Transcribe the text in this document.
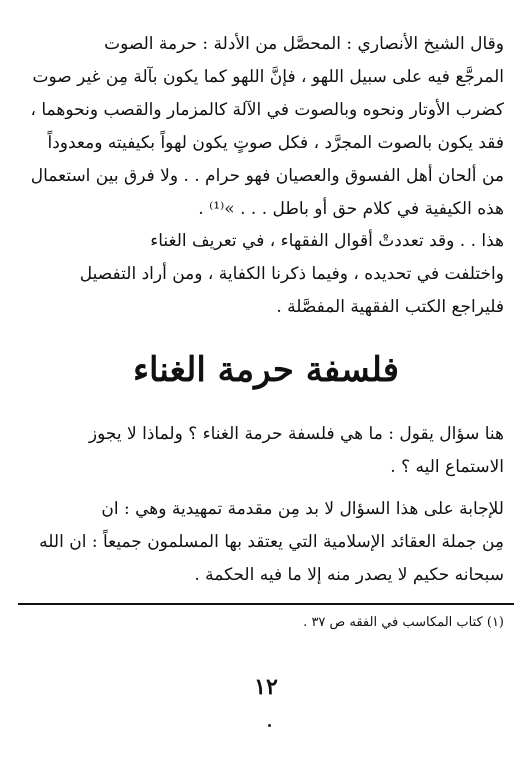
وقال الشيخ الأنصاري : المحصَّل من الأدلة : حرمة الصوت
المرجَّع فيه على سبيل اللهو ، فإنَّ اللهو كما يكون بآلة مِن غير صوت
كضرب الأوتار ونحوه وبالصوت في الآلة كالمزمار والقصب ونحوهما ،
فقد يكون بالصوت المجرَّد ، فكل صوتٍ يكون لهواً بكيفيته ومعدوداً
من ألحان أهل الفسوق والعصيان فهو حرام . . ولا فرق بين استعمال
هذه الكيفية في كلام حق أو باطل . . . »⁽¹⁾ .
هذا . . وقد تعددتْ أقوال الفقهاء ، في تعريف الغناء
واختلفت في تحديده ، وفيما ذكرنا الكفاية ، ومن أراد التفصيل
فليراجع الكتب الفقهية المفصَّلة .
فلسفة حرمة الغناء
هنا سؤال يقول : ما هي فلسفة حرمة الغناء ؟ ولماذا لا يجوز
الاستماع اليه ؟ .
للإجابة على هذا السؤال لا بد مِن مقدمة تمهيدية وهي : ان
مِن جملة العقائد الإسلامية التي يعتقد بها المسلمون جميعاً : ان الله
سبحانه حكيم لا يصدر منه إلا ما فيه الحكمة .
(١) كتاب المكاسب في الفقه ص ٣٧ .
١٢
